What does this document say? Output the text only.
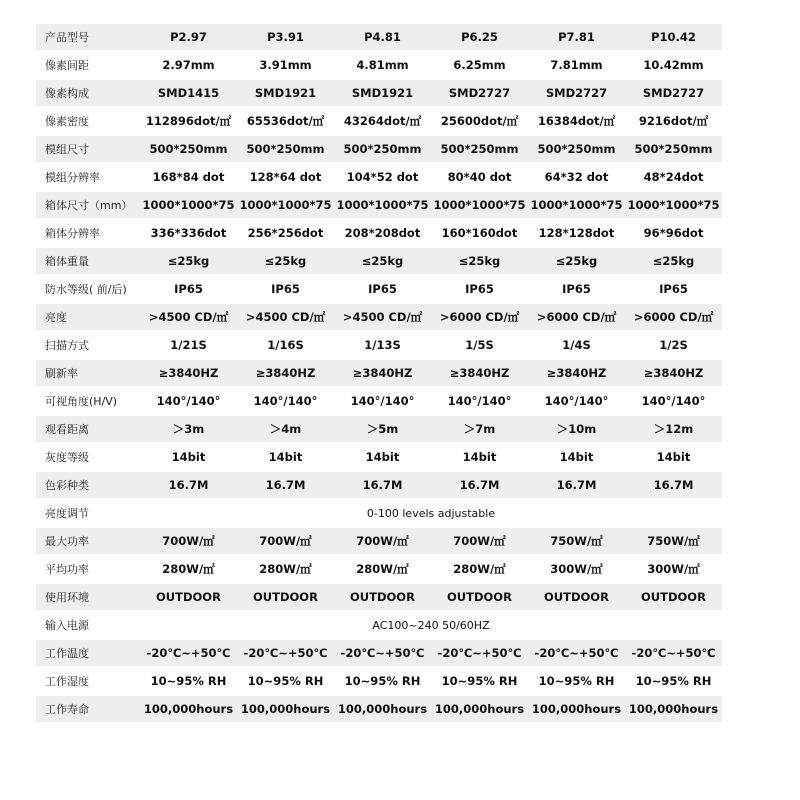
产品型号	P2.97	P3.91	P4.81	P6.25	P7.81	P10.42
像素间距	2.97mm	3.91mm	4.81mm	6.25mm	7.81mm	10.42mm
像素构成	SMD1415	SMD1921	SMD1921	SMD2727	SMD2727	SMD2727
像素密度	112896dot/㎡	65536dot/㎡	43264dot/㎡	25600dot/㎡	16384dot/㎡	9216dot/㎡
模组尺寸	500*250mm	500*250mm	500*250mm	500*250mm	500*250mm	500*250mm
模组分辨率	168*84 dot	128*64 dot	104*52 dot	80*40 dot	64*32 dot	48*24dot
箱体尺寸（mm）	1000*1000*75	1000*1000*75	1000*1000*75	1000*1000*75	1000*1000*75	1000*1000*75
箱体分辨率	336*336dot	256*256dot	208*208dot	160*160dot	128*128dot	96*96dot
箱体重量	≤25kg	≤25kg	≤25kg	≤25kg	≤25kg	≤25kg
防水等级( 前/后)	IP65	IP65	IP65	IP65	IP65	IP65
亮度	>4500 CD/㎡	>4500 CD/㎡	>4500 CD/㎡	>6000 CD/㎡	>6000 CD/㎡	>6000 CD/㎡
扫描方式	1/21S	1/16S	1/13S	1/5S	1/4S	1/2S
刷新率	≥3840HZ	≥3840HZ	≥3840HZ	≥3840HZ	≥3840HZ	≥3840HZ
可视角度(H/V)	140°/140°	140°/140°	140°/140°	140°/140°	140°/140°	140°/140°
观看距离	＞3m	＞4m	＞5m	＞7m	＞10m	＞12m
灰度等级	14bit	14bit	14bit	14bit	14bit	14bit
色彩种类	16.7M	16.7M	16.7M	16.7M	16.7M	16.7M
亮度调节	0-100 levels adjustable					
最大功率	700W/㎡	700W/㎡	700W/㎡	700W/㎡	750W/㎡	750W/㎡
平均功率	280W/㎡	280W/㎡	280W/㎡	280W/㎡	300W/㎡	300W/㎡
使用环境	OUTDOOR	OUTDOOR	OUTDOOR	OUTDOOR	OUTDOOR	OUTDOOR
输入电源	AC100~240 50/60HZ					
工作温度	-20℃~+50℃	-20℃~+50℃	-20℃~+50℃	-20℃~+50℃	-20℃~+50℃	-20℃~+50℃
工作湿度	10~95% RH	10~95% RH	10~95% RH	10~95% RH	10~95% RH	10~95% RH
工作寿命	100,000hours	100,000hours	100,000hours	100,000hours	100,000hours	100,000hours
